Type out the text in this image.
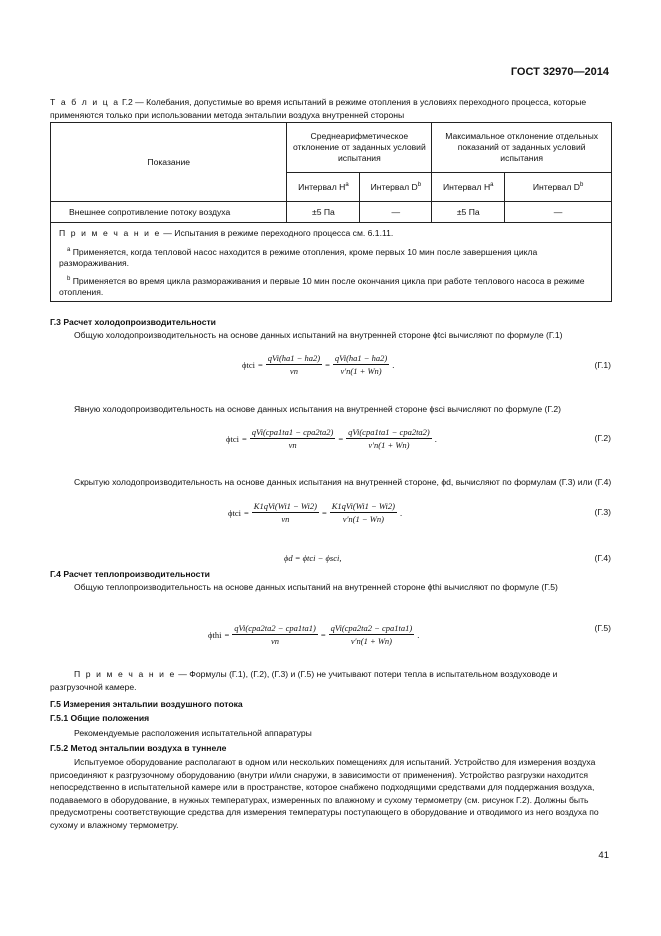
ГОСТ 32970—2014
Т а б л и ц а Г.2 — Колебания, допустимые во время испытаний в режиме отопления в условиях переходного процесса, которые применяются только при использовании метода энтальпии воздуха внутренней стороны
Показание	Среднеарифметическое отклонение от заданных условий испытания		Максимальное отклонение отдельных показаний от заданных условий испытания	
	Интервал $H^a$	Интервал $D^b$	Интервал $H^a$	Интервал $D^b$
Внешнее сопротивление потоку воздуха	±5 Па	—	±5 Па	—

П р и м е ч а н и е — Испытания в режиме переходного процесса см. 6.1.11.
$^a$ Применяется, когда тепловой насос находится в режиме отопления, кроме первых 10 мин после завершения цикла размораживания.
$^b$ Применяется во время цикла размораживания и первые 10 мин после окончания цикла при работе теплового насоса в режиме отопления.				
Г.3 Расчет холодопроизводительности
Общую холодопроизводительность на основе данных испытаний на внутренней стороне ϕtci вычисляют по формуле (Г.1)
$\phi tci = \frac{\text{qVi(ha1 − ha2)}}{vn} = \frac{\text{qVi(ha1 − ha2)}}{v'n(1 + Wn)}$ .	(Г.1)
Явную холодопроизводительность на основе данных испытания на внутренней стороне ϕsci вычисляют по формуле (Г.2)
$\phi tci = \frac{\text{qVi(cpa1ta1 − cpa2ta2)}}{vn} = \frac{\text{qVi(cpa1ta1 − cpa2ta2)}}{v'n(1 + Wn)}$ .	(Г.2)
Скрытую холодопроизводительность на основе данных испытания на внутренней стороне, ϕd, вычисляют по формулам (Г.3) или (Г.4)
$\phi tci = \frac{\text{K1qVi(Wi1 − Wi2)}}{vn} = \frac{\text{K1qVi(Wi1 − Wi2)}}{v'n(1 - Wn)}$ .	(Г.3)
ϕd = ϕtci − ϕsci,	(Г.4)
Г.4 Расчет теплопроизводительности
Общую теплопроизводительность на основе данных испытаний на внутренней стороне ϕthi вычисляют по формуле (Г.5)
$\phi thi = \frac{\text{qVi(cpa2ta2 − cpa1ta1)}}{vn} = \frac{\text{qVi(cpa2ta2 − cpa1ta1)}}{v'n(1 + Wn)}$ .
(Г.5)
П р и м е ч а н и е — Формулы (Г.1), (Г.2), (Г.3) и (Г.5) не учитывают потери тепла в испытательном воздуховоде и разгрузочной камере.
Г.5 Измерения энтальпии воздушного потока
Г.5.1 Общие положения
Рекомендуемые расположения испытательной аппаратуры
Г.5.2 Метод энтальпии воздуха в туннеле
Испытуемое оборудование располагают в одном или нескольких помещениях для испытаний. Устройство для измерения воздуха присоединяют к разгрузочному оборудованию (внутри и/или снаружи, в зависимости от применения). Устройство разгрузки находится непосредственно в испытательной камере или в пространстве, которое снабжено подходящими средствами для поддержания воздуха, подаваемого в оборудование, в нужных температурах, измеренных по влажному и сухому термометру (см. рисунок Г.2). Должны быть предусмотрены соответствующие средства для измерения температуры поступающего в оборудование и отводимого из него воздуха по сухому и влажному термометру.
41
